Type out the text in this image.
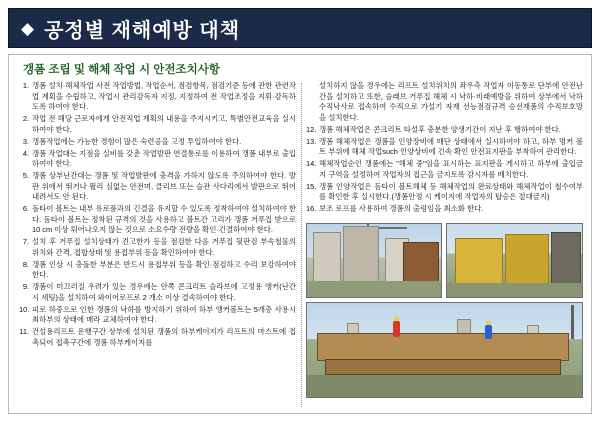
◆ 공정별 재해예방 대책
갱폼 조립 및 해체 작업 시 안전조치사항
1. 갱폼 설치·해체작업 사전 작업방법, 작업순서, 점검항목, 점검기준 등에 관한 관련작업 계획을 수립하고, 작업시 관리감독자 지정, 지정하여 전 작업조정을 지휘·감독하도록 하여야 한다.
2. 작업 전 해당 근로자에게 안전직업 계획의 내용을 주지시키고, 특별안전교육을 실시하여야 한다.
3. 갱폼작업에는 가능한 경험이 많은 숙련공을 고정 투입하여야 한다.
4. 갱폼 작업대는 지점을 실비를 갖춘 작업발판 연결통로를 이용하여 갱폼 내부로 출입하여야 한다.
5. 갱폼 상부난간대는 갱폼 및 작업발판에 충격을 가하지 않도록 주의하여야 한다. 발판 위에서 뛰거나 뛸리 심없는 안전며, 클리브 또는 슬관 사다리에서 발판으로 뛰어 내려서도 안 된다.
6. 돌타이 볼트는 내부 유로품과의 긴결을 유지할 수 있도록 정착하여야 설치하여야 한다. 돔타이 볼트는 정착된 규격의 것을 사용하고 볼트간 고리가 갱폼 거푸집 받으로 10 cm 이상 튀어나오지 않는 것으로 소요수량 전량을 확인·긴결하여야 한다.
7. 설치 후 거푸집 설치상태가 견고한가 등을 점검한 다음 거푸집 뒷판검 부속철물의 위치와 간격, 접합상태 및 용접부위 등을 확인하여야 한다.
8. 갱폼 인상 시 충돌한 부분은 반드시 용접부위 등을 확인·점검하고 수리 보강하여야 한다.
9. 갱폼이 미끄러질 우려가 있는 경우에는 안쪽 콘크리트 슬라브에 고정용 앵커(난간 시 세팅)을 설치하여 와이어로프로 2 개소 이상 결속하여야 한다.
10. 피로 하중으로 인한 갱폼의 낙하를 방지하기 위하여 하부 앵커볼트는 5개층 사용시 최하부의 상태에 매라 교체하여야 한다.
11. 건설용리프트 운행구간 상부에 설치된 갱폼의 하부케이지가 리프트의 마스트에 접촉되어 접촉구간에 갱폼 하부케이지를
설치하지 않을 경우에는 리프트 설치위치의 좌우측 작업자 이동통로 단부에 안전난간을 설치하고 또한, 슬래브 거푸집 해체 시 낙하·비래예방을 위하여 상부에서 낙하 수직낙사로 접속하여 수직으로 가설기 자재 선능점검규격 승선재폼의 수직보호망을 설치한다.
12. 갱폼 해체작업은 콘크리트 타설후 충분한 양생기간이 지난 후 행하여야 한다.
13. 갱폼 해체작업은 갱폼을 인양장비에 매단 상태에서 실시하여야 하고, 하부 명커 볼트 부위에 해체 작업such 인양상비에 긴속 확인 안전표지판을 부착하여 관리한다.
14. 해체작업순인 갱폼에는 "해체 중"임을 표시하는 표지판을 게시하고 하부에 출입금지 구역을 설정하여 작업자의 접근을 금지토록 감시자를 배치한다.
15. 갱폼 인양작업은 돔타이 볼트해체 등 해체작업의 완료상태와 해체작업이 철수여부를 확인한 후 실시한다.(갱폼안정 시 케이지에 작업자의 탑승은 절대금지)
16. 보조 로프를 사용하여 갱폼의 출렁임을 최소화 한다.
